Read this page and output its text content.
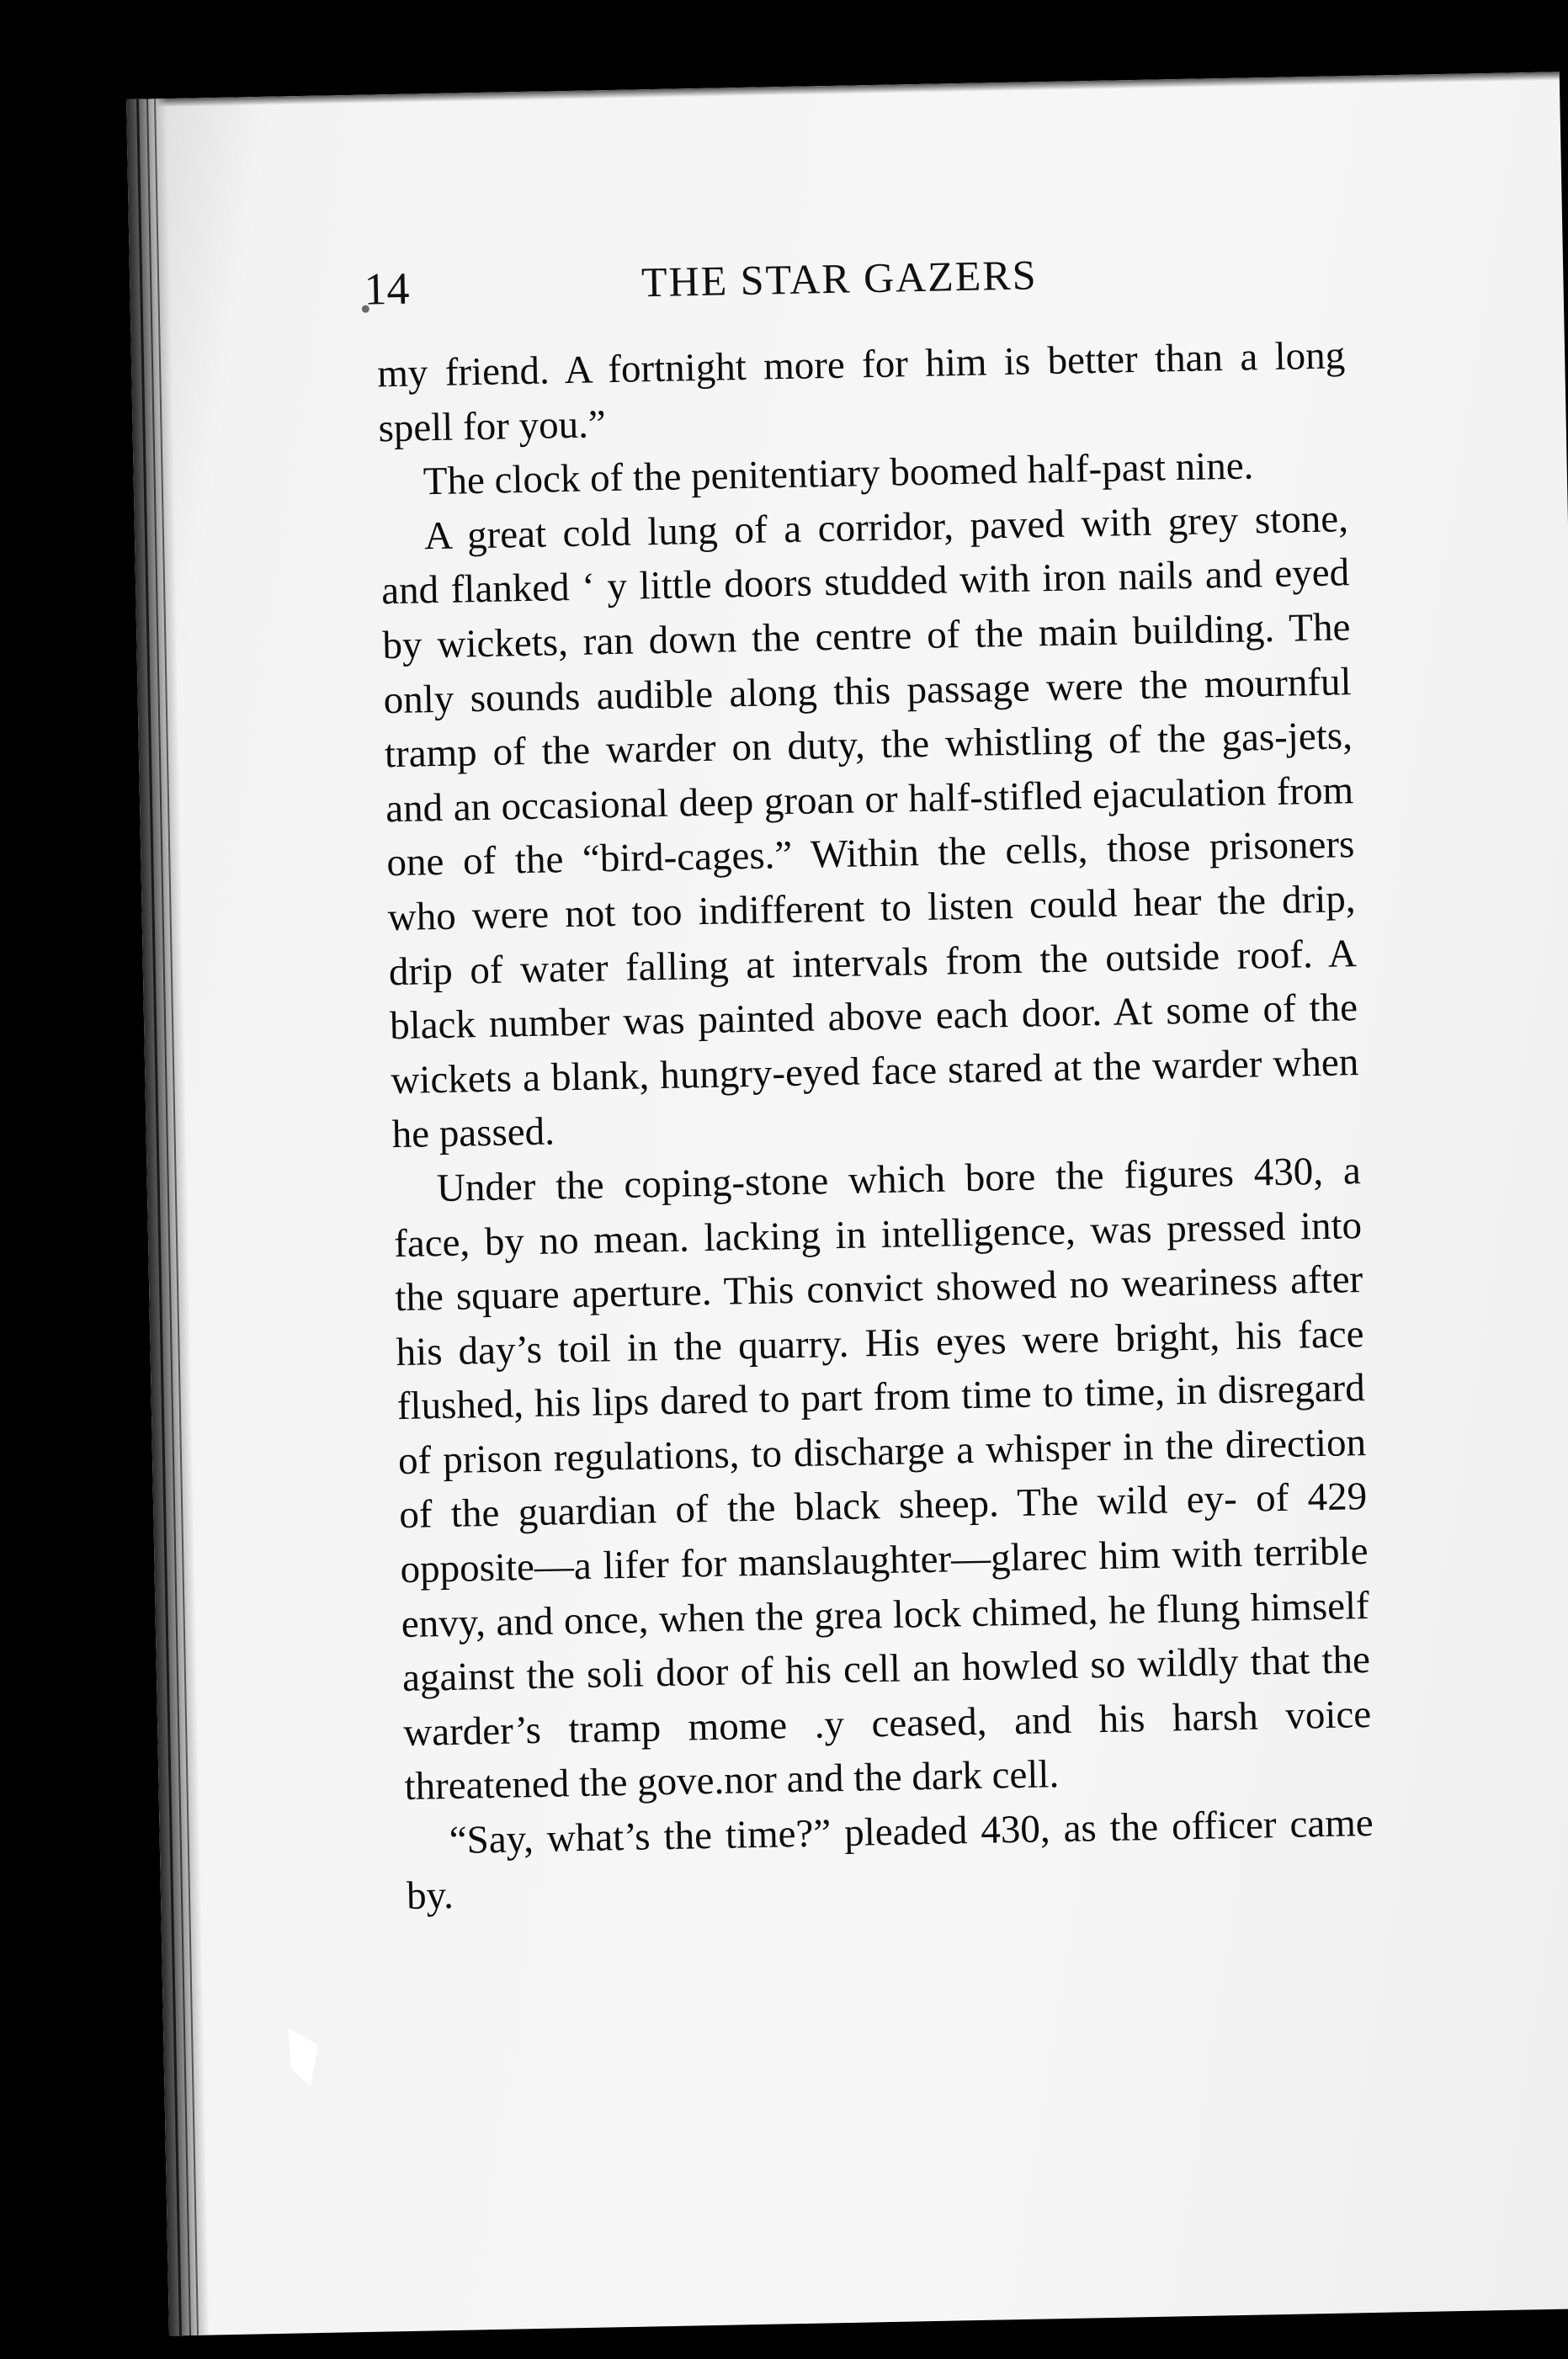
14	THE STAR GAZERS

my friend. A fortnight more for him is better than a long spell for you.”

The clock of the penitentiary boomed half-past nine.

A great cold lung of a corridor, paved with grey stone, and flanked ‘ y little doors studded with iron nails and eyed by wickets, ran down the centre of the main building. The only sounds audible along this passage were the mournful tramp of the warder on duty, the whistling of the gas-jets, and an occasional deep groan or half-stifled ejaculation from one of the “bird-cages.” Within the cells, those prisoners who were not too indifferent to listen could hear the drip, drip of water falling at intervals from the outside roof. A black number was painted above each door. At some of the wickets a blank, hungry-eyed face stared at the warder when he passed.

Under the coping-stone which bore the figures 430, a face, by no mean. lacking in intelligence, was pressed into the square aperture. This convict showed no weariness after his day’s toil in the quarry. His eyes were bright, his face flushed, his lips dared to part from time to time, in disregard of prison regulations, to discharge a whisper in the direction of the guardian of the black sheep. The wild ey- of 429 opposite—a lifer for manslaughter—glarec him with terrible envy, and once, when the grea lock chimed, he flung himself against the soli door of his cell an howled so wildly that the warder’s tramp mome .y ceased, and his harsh voice threatened the gove.nor and the dark cell.

“Say, what’s the time?” pleaded 430, as the officer came by.
